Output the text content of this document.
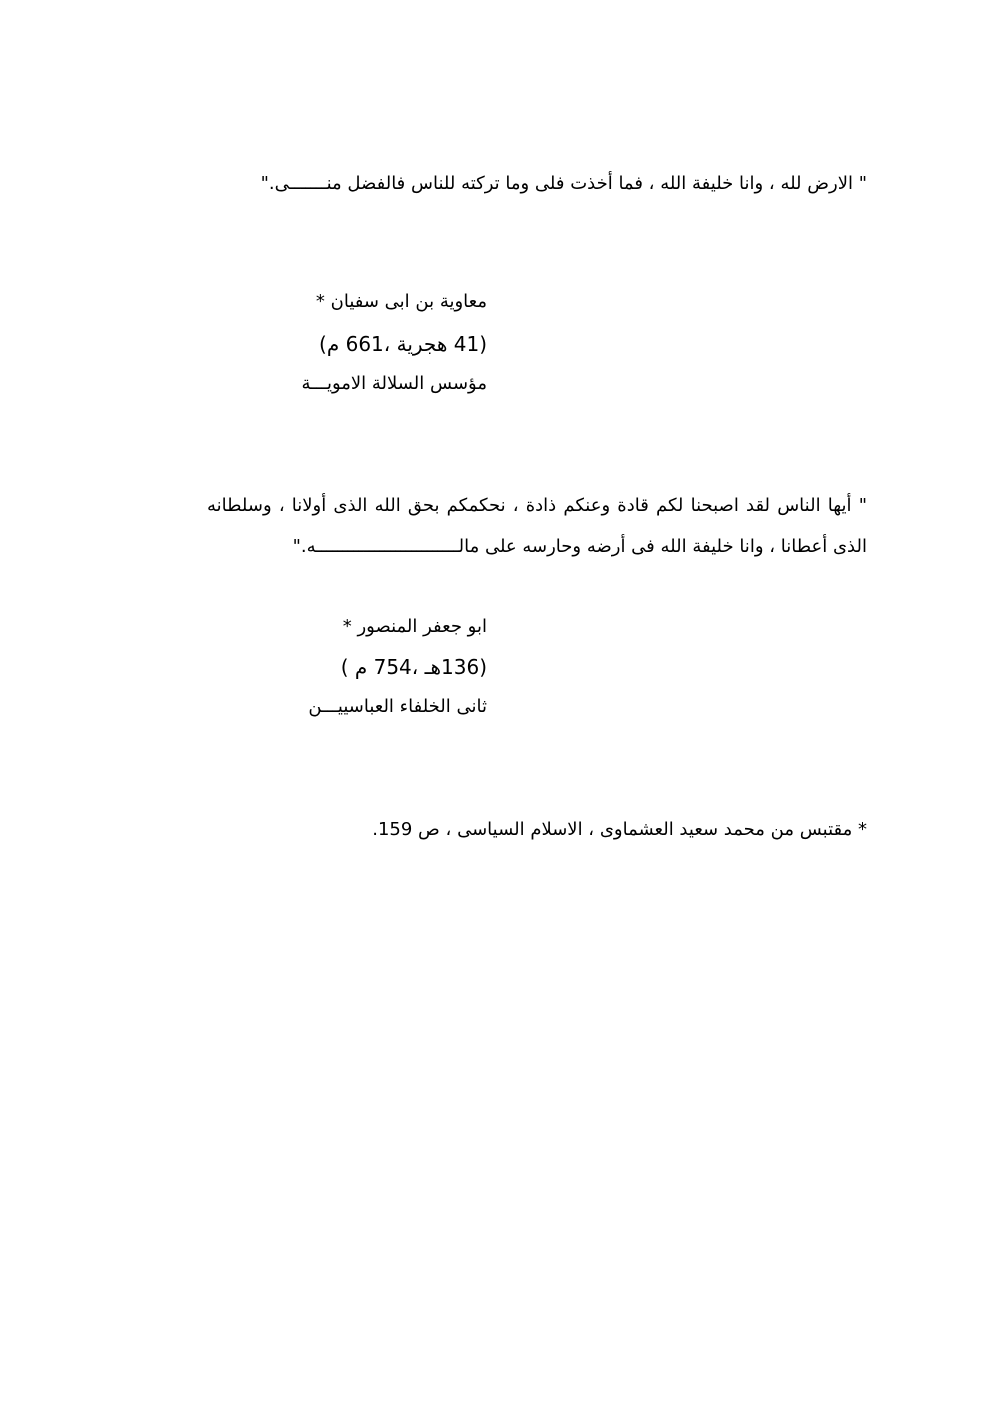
" الارض لله ، وانا خليفة الله ، فما أخذت فلى وما تركته للناس فالفضل منـــــــى."
معاوية بن ابى سفيان *
(41 هجرية ،661 م)
مؤسس السلالة الامويـــة
" أيها الناس لقد اصبحنا لكم قادة وعنكم ذادة ، نحكمكم بحق الله الذى أولانا ، وسلطانه
الذى أعطانا ، وانا خليفة الله فى أرضه وحارسه على مالـــــــــــــــــــــــــــه."
ابو جعفر المنصور *
(136هـ ،754 م )
ثانى الخلفاء العباسييـــن
* مقتبس من محمد سعيد العشماوى ، الاسلام السياسى ، ص 159.
